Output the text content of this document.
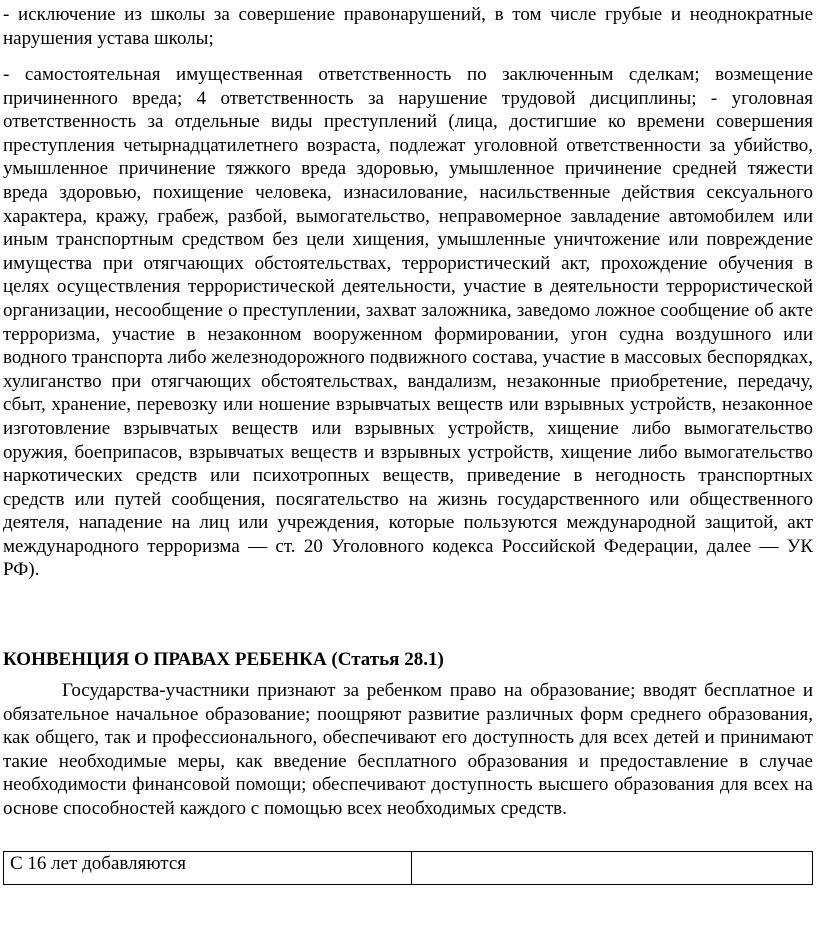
- исключение из школы за совершение правонарушений, в том числе грубые и неоднократные нарушения устава школы;

- самостоятельная имущественная ответственность по заключенным сделкам; возмещение причиненного вреда; 4 ответственность за нарушение трудовой дисциплины; - уголовная ответственность за отдельные виды преступлений (лица, достигшие ко времени совершения преступления четырнадцатилетнего возраста, подлежат уголовной ответственности за убийство, умышленное причинение тяжкого вреда здоровью, умышленное причинение средней тяжести вреда здоровью, похищение человека, изнасилование, насильственные действия сексуального характера, кражу, грабеж, разбой, вымогательство, неправомерное завладение автомобилем или иным транспортным средством без цели хищения, умышленные уничтожение или повреждение имущества при отягчающих обстоятельствах, террористический акт, прохождение обучения в целях осуществления террористической деятельности, участие в деятельности террористической организации, несообщение о преступлении, захват заложника, заведомо ложное сообщение об акте терроризма, участие в незаконном вооруженном формировании, угон судна воздушного или водного транспорта либо железнодорожного подвижного состава, участие в массовых беспорядках, хулиганство при отягчающих обстоятельствах, вандализм, незаконные приобретение, передачу, сбыт, хранение, перевозку или ношение взрывчатых веществ или взрывных устройств, незаконное изготовление взрывчатых веществ или взрывных устройств, хищение либо вымогательство оружия, боеприпасов, взрывчатых веществ и взрывных устройств, хищение либо вымогательство наркотических средств или психотропных веществ, приведение в негодность транспортных средств или путей сообщения, посягательство на жизнь государственного или общественного деятеля, нападение на лиц или учреждения, которые пользуются международной защитой, акт международного терроризма — ст. 20 Уголовного кодекса Российской Федерации, далее — УК РФ).

КОНВЕНЦИЯ О ПРАВАХ РЕБЕНКА (Статья 28.1)

Государства-участники признают за ребенком право на образование; вводят бесплатное и обязательное начальное образование; поощряют развитие различных форм среднего образования, как общего, так и профессионального, обеспечивают его доступность для всех детей и принимают такие необходимые меры, как введение бесплатного образования и предоставление в случае необходимости финансовой помощи; обеспечивают доступность высшего образования для всех на основе способностей каждого с помощью всех необходимых средств.

С 16 лет добавляются	
